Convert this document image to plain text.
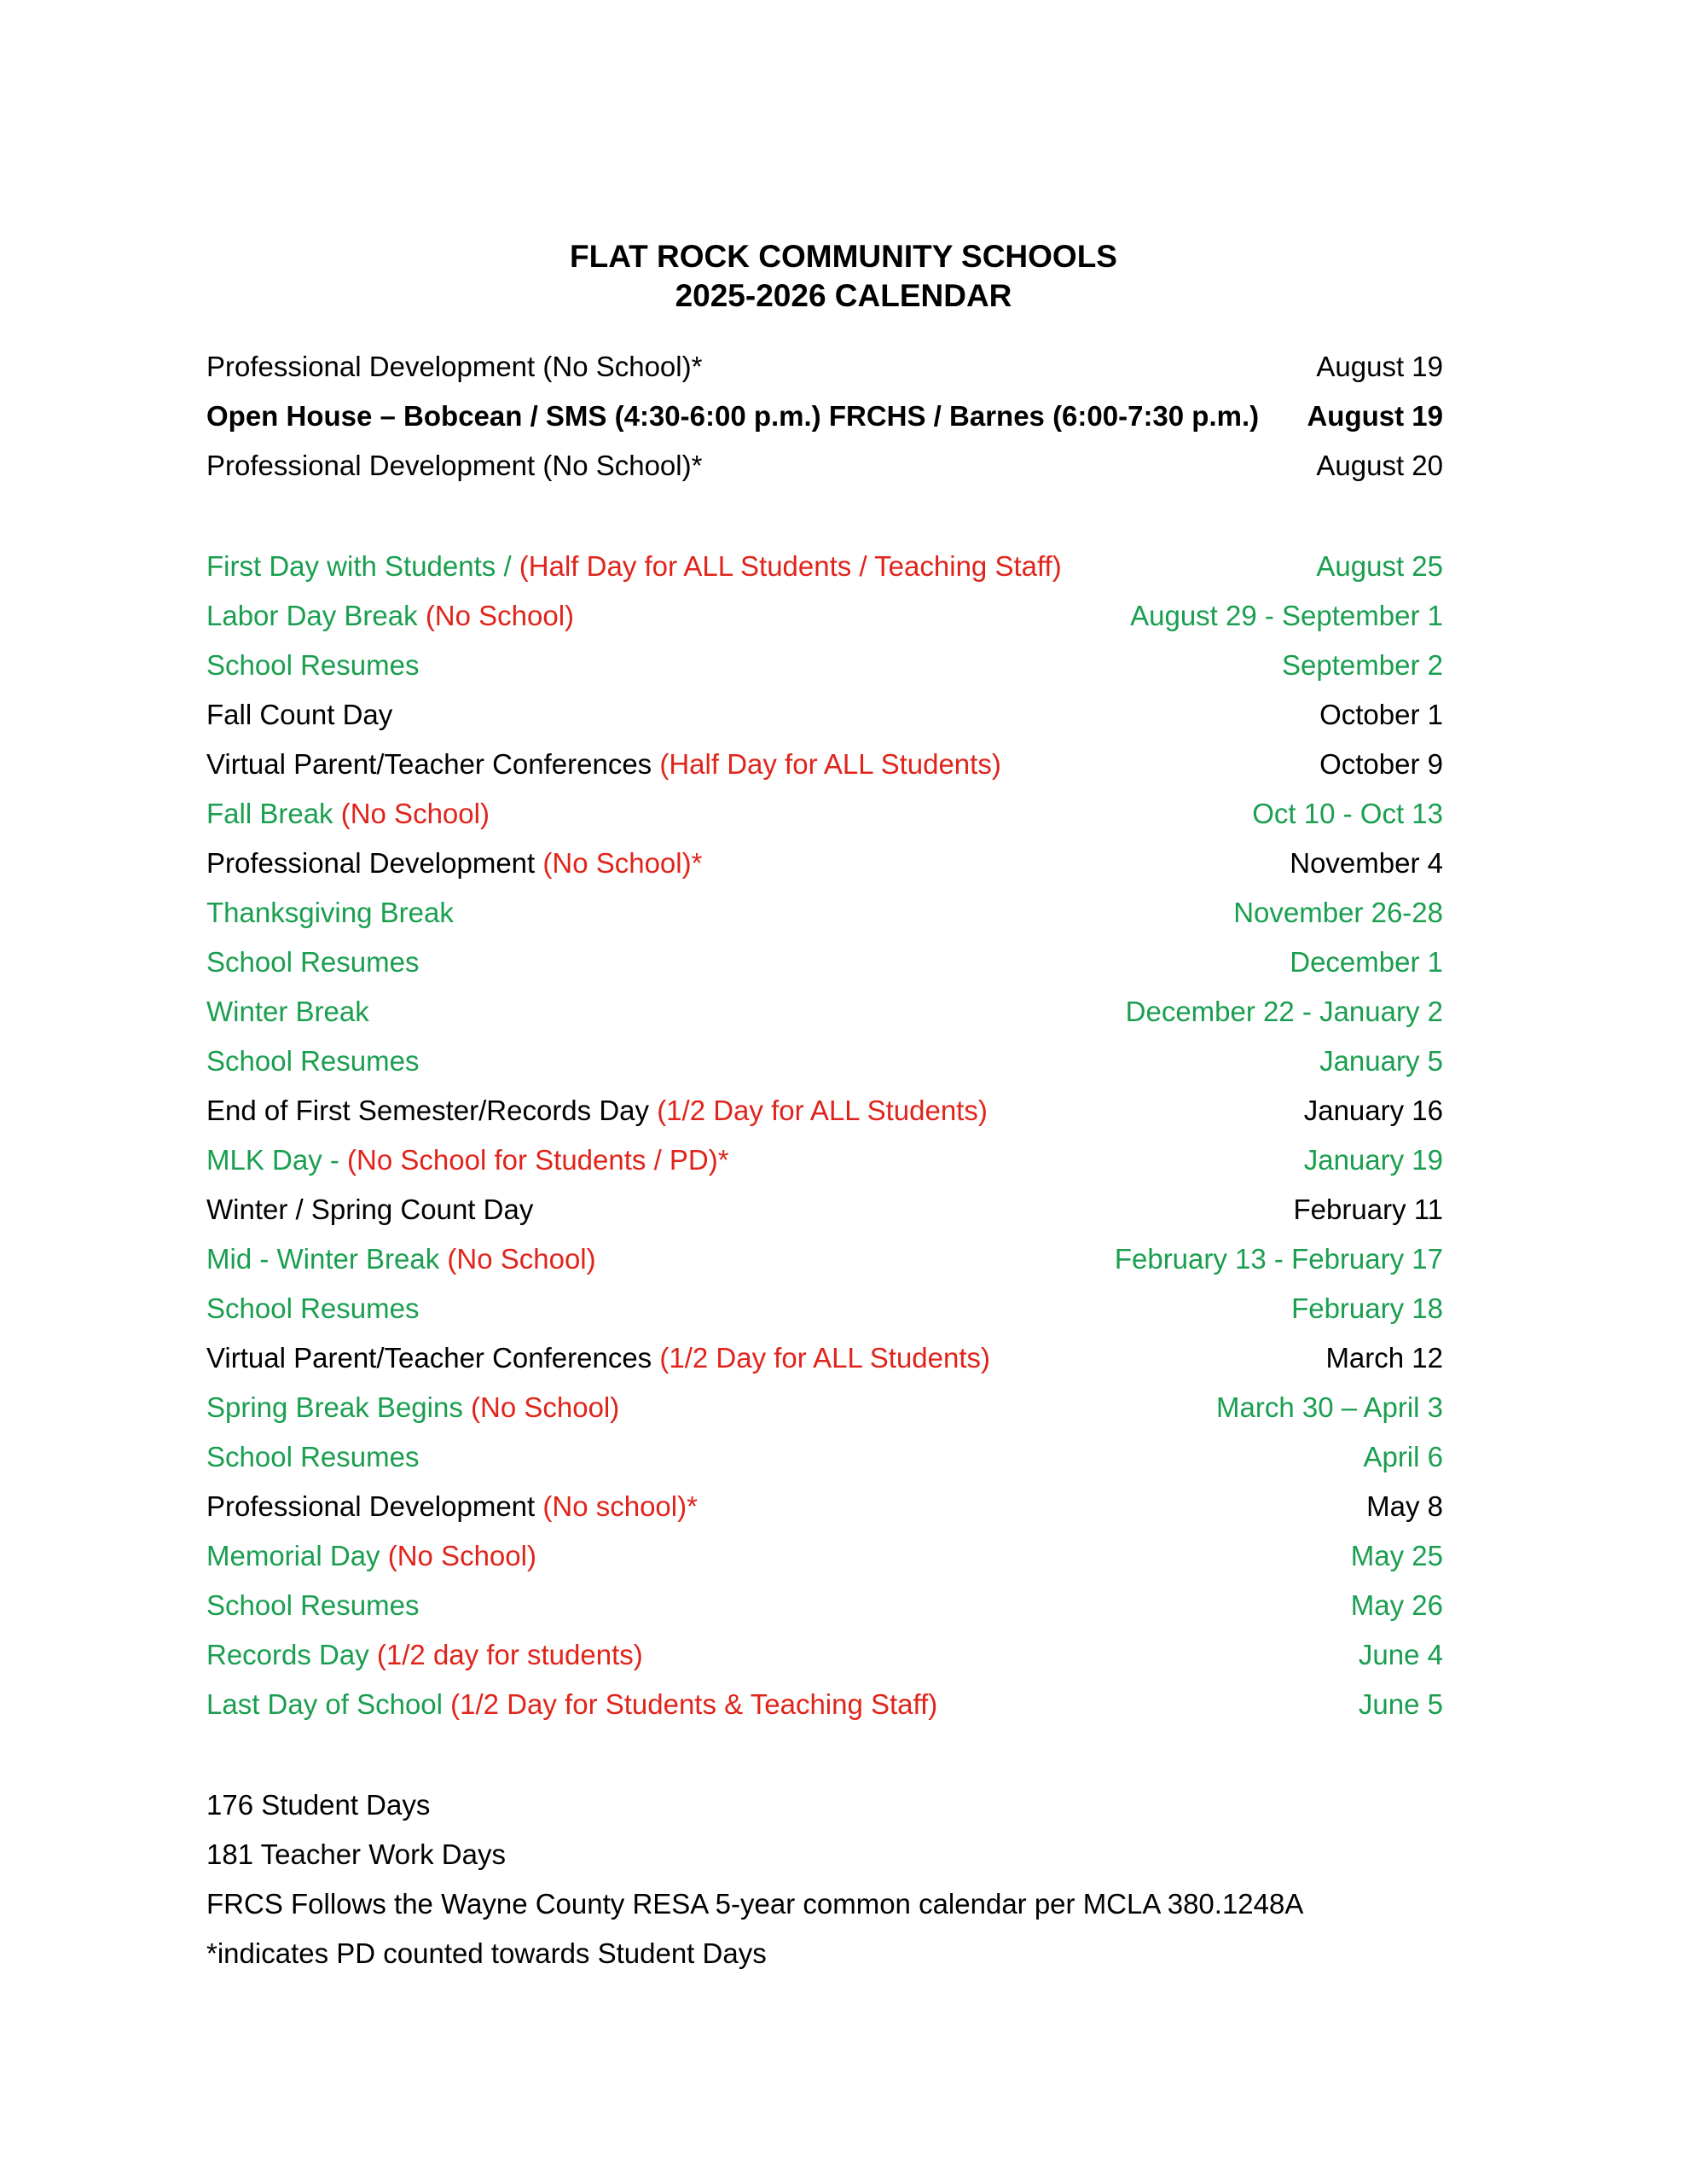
FLAT ROCK COMMUNITY SCHOOLS
2025-2026 CALENDAR
Professional Development (No School)*	August 19
Open House – Bobcean / SMS (4:30-6:00 p.m.) FRCHS / Barnes (6:00-7:30 p.m.) August 19
Professional Development (No School)*	August 20
First Day with Students / (Half Day for ALL Students / Teaching Staff)	August 25
Labor Day Break (No School)	August 29 - September 1
School Resumes	September 2
Fall Count Day	October 1
Virtual Parent/Teacher Conferences (Half Day for ALL Students)	October 9
Fall Break (No School)	Oct 10 - Oct 13
Professional Development (No School)*	November 4
Thanksgiving Break	November 26-28
School Resumes	December 1
Winter Break	December 22 - January 2
School Resumes	January 5
End of First Semester/Records Day (1/2 Day for ALL Students)	January 16
MLK Day - (No School for Students / PD)*	January 19
Winter / Spring Count Day	February 11
Mid - Winter Break (No School)	February 13 - February 17
School Resumes	February 18
Virtual Parent/Teacher Conferences (1/2 Day for ALL Students)	March 12
Spring Break Begins (No School)	March 30 – April 3
School Resumes	April 6
Professional Development (No school)*	May 8
Memorial Day (No School)	May 25
School Resumes	May 26
Records Day (1/2 day for students)	June 4
Last Day of School (1/2 Day for Students & Teaching Staff)	June 5
176 Student Days
181 Teacher Work Days
FRCS Follows the Wayne County RESA 5-year common calendar per MCLA 380.1248A
*indicates PD counted towards Student Days
